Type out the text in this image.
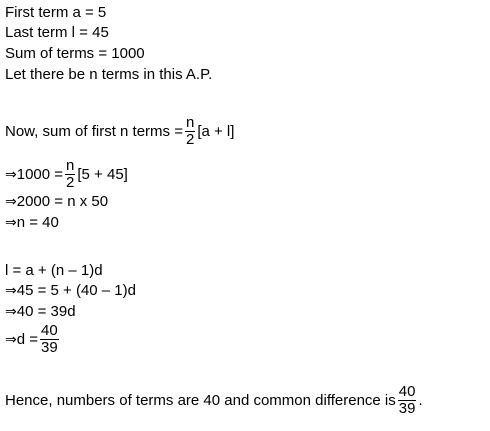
First term a = 5
Last term l = 45
Sum of terms = 1000
Let there be n terms in this A.P.
Now, sum of first n terms = $\frac{n}{2} [a + l]$
⇒1000 = $\frac{n}{2} [5 + 45]$
⇒2000 = n x 50
⇒n = 40
l = a + (n – 1)d
⇒45 = 5 + (40 – 1)d
⇒40 = 39d
⇒d = $\frac{40}{39}$
Hence, numbers of terms are 40 and common difference is $\frac{40}{39}$ .
